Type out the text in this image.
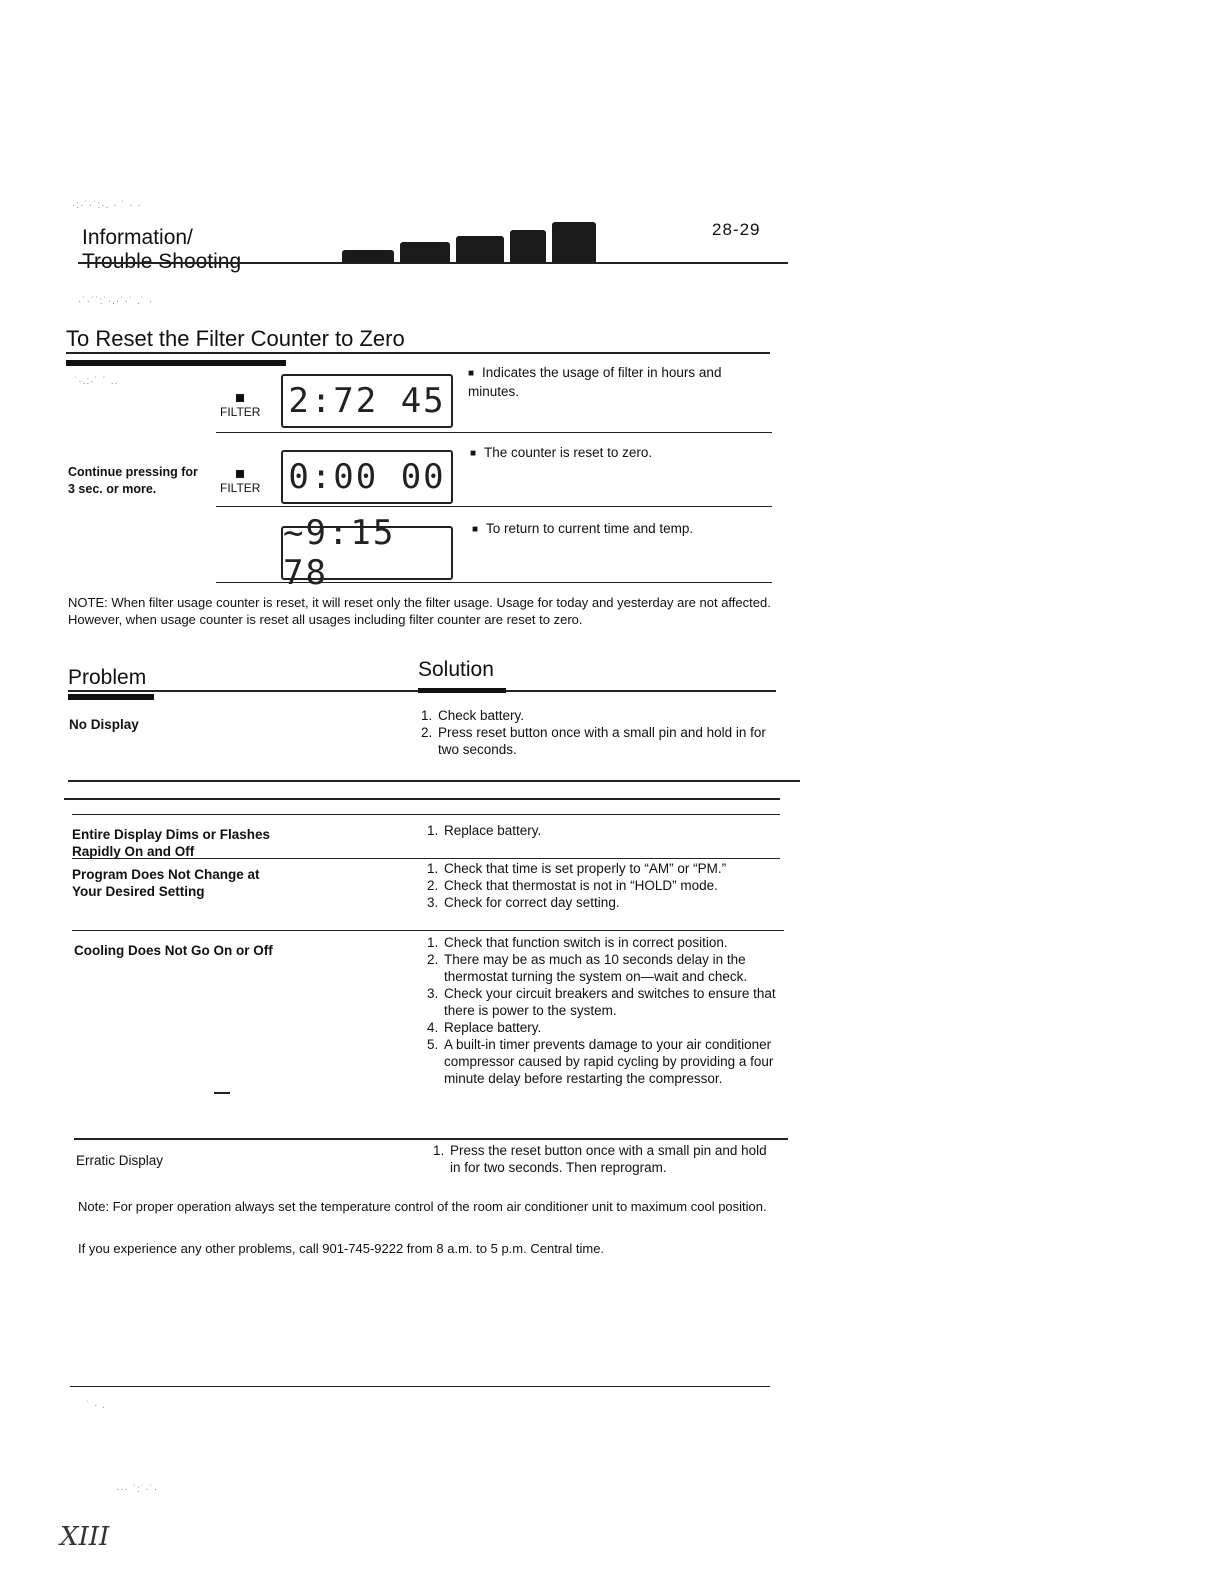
·:·˙·˙:·. · ˙ · ·
·˙·˙˙:˙·.·˙·˙ .˙ ·
˙·.:·˙ ˙ ..
Information/
Trouble Shooting
28-29
To Reset the Filter Counter to Zero
FILTER 2:72 45
■ Indicates the usage of filter in hours and minutes.
Continue pressing for 3 sec. or more.	FILTER 0:00 00
■ The counter is reset to zero.
~9:15 78
■ To return to current time and temp.
NOTE: When filter usage counter is reset, it will reset only the filter usage. Usage for today and yesterday are not affected. However, when usage counter is reset all usages including filter counter are reset to zero.
Problem	Solution
No Display
1. Check battery.
2. Press reset button once with a small pin and hold in for two seconds.
Entire Display Dims or Flashes Rapidly On and Off
1. Replace battery.
Program Does Not Change at Your Desired Setting
1. Check that time is set properly to “AM” or “PM.”
2. Check that thermostat is not in “HOLD” mode.
3. Check for correct day setting.
Cooling Does Not Go On or Off
1. Check that function switch is in correct position.
2. There may be as much as 10 seconds delay in the thermostat turning the system on—wait and check.
3. Check your circuit breakers and switches to ensure that there is power to the system.
4. Replace battery.
5. A built-in timer prevents damage to your air conditioner compressor caused by rapid cycling by providing a four minute delay before restarting the compressor.
Erratic Display
1. Press the reset button once with a small pin and hold in for two seconds. Then reprogram.
Note: For proper operation always set the temperature control of the room air conditioner unit to maximum cool position.
If you experience any other problems, call 901-745-9222 from 8 a.m. to 5 p.m. Central time.
˙ · .
··· ˙:˙·˙·
XIII
